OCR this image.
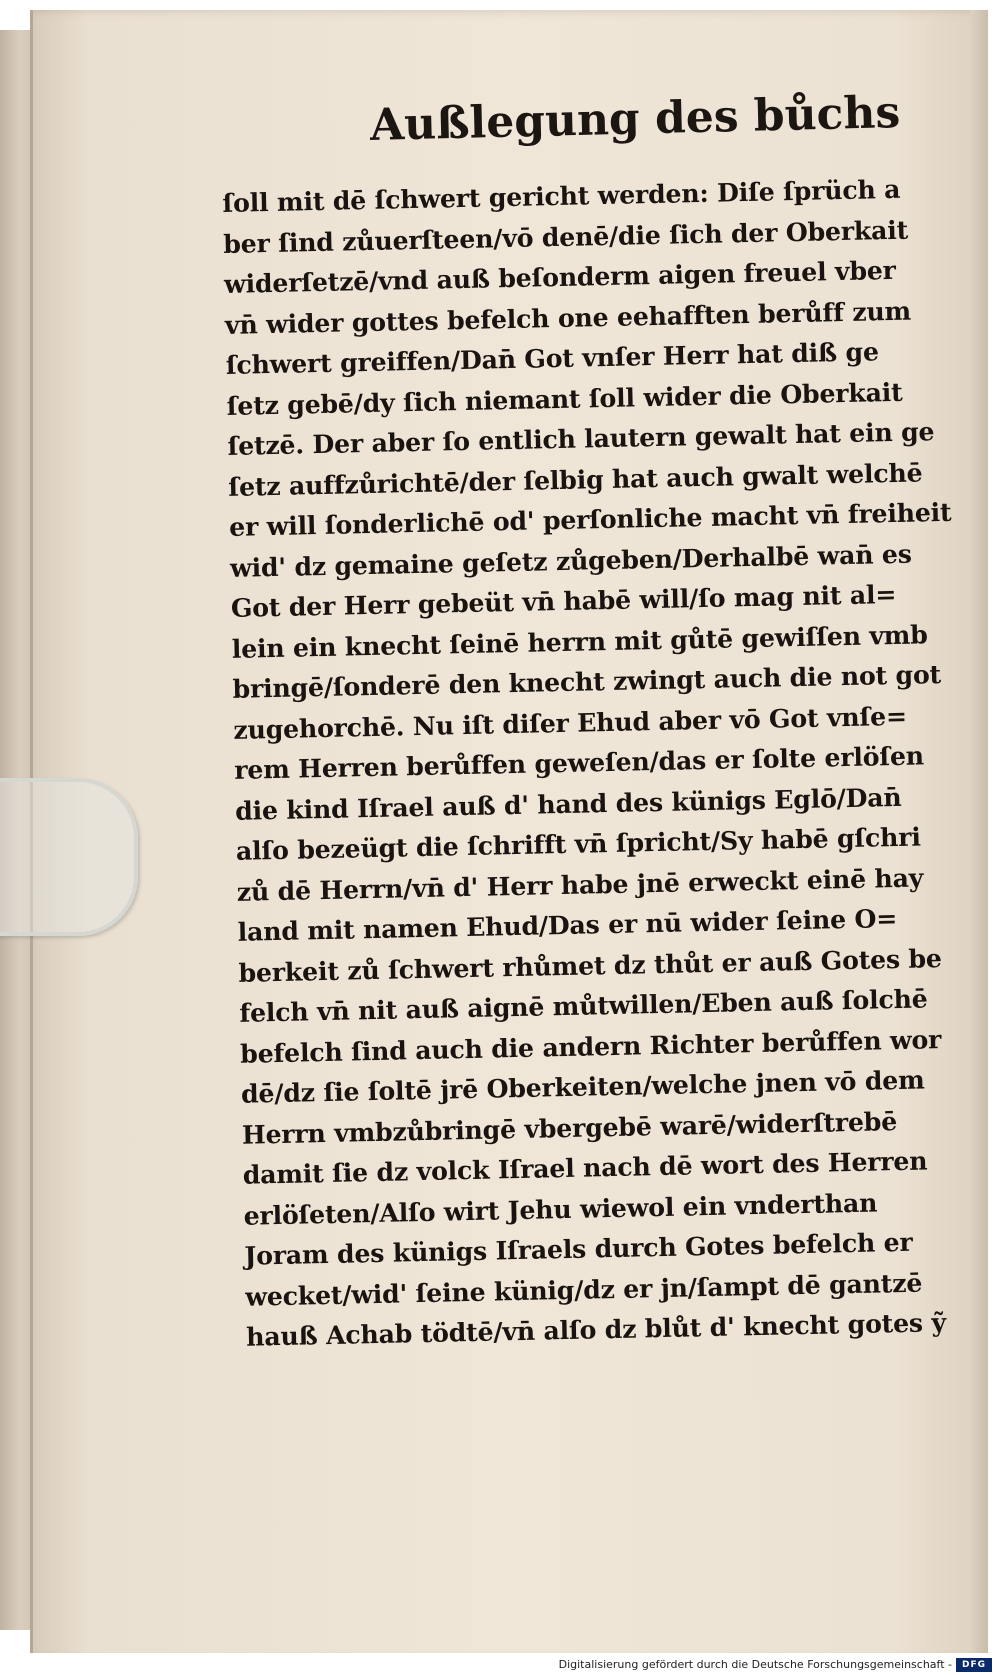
Außlegung des bůchs
ſoll mit dē ſchwert gericht werden: Diſe ſprüch a
ber ſind zůuerſteen/vō denē/die ſich der Oberkait
widerſetzē/vnd auß beſonderm aigen freuel vber
vn̄ wider gottes befelch one eehafften berůff zum
ſchwert greiffen/Dan̄ Got vnſer Herr hat diß ge
ſetz gebē/dy ſich niemant ſoll wider die Oberkait
ſetzē. Der aber ſo entlich lautern gewalt hat ein ge
ſetz auffzůrichtē/der ſelbig hat auch gwalt welchē
er will ſonderlichē od' perſonliche macht vn̄ freiheit
wid' dz gemaine geſetz zůgeben/Derhalbē wan̄ es
Got der Herr gebeüt vn̄ habē will/ſo mag nit al=
lein ein knecht ſeinē herrn mit gůtē gewiſſen vmb
bringē/ſonderē den knecht zwingt auch die not got
zugehorchē. Nu iſt diſer Ehud aber vō Got vnſe=
rem Herren berůffen geweſen/das er ſolte erlöſen
die kind Iſrael auß d' hand des künigs Eglō/Dan̄
alſo bezeügt die ſchrifft vn̄ ſpricht/Sy habē gſchri
zů dē Herrn/vn̄ d' Herr habe jnē erweckt einē hay
land mit namen Ehud/Das er nū wider ſeine O=
berkeit zů ſchwert rhůmet dz thůt er auß Gotes be
felch vn̄ nit auß aignē můtwillen/Eben auß ſolchē
befelch ſind auch die andern Richter berůffen wor
dē/dz ſie ſoltē jrē Oberkeiten/welche jnen vō dem
Herrn vmbzůbringē vbergebē warē/widerſtrebē
damit ſie dz volck Iſrael nach dē wort des Herren
erlöſeten/Alſo wirt Jehu wiewol ein vnderthan
Joram des künigs Iſraels durch Gotes befelch er
wecket/wid' ſeine künig/dz er jn/ſampt dē gantzē
hauß Achab tödtē/vn̄ alſo dz blůt d' knecht gotes ỹ
Digitalisierung gefördert durch die Deutsche Forschungsgemeinschaft -	DFG
